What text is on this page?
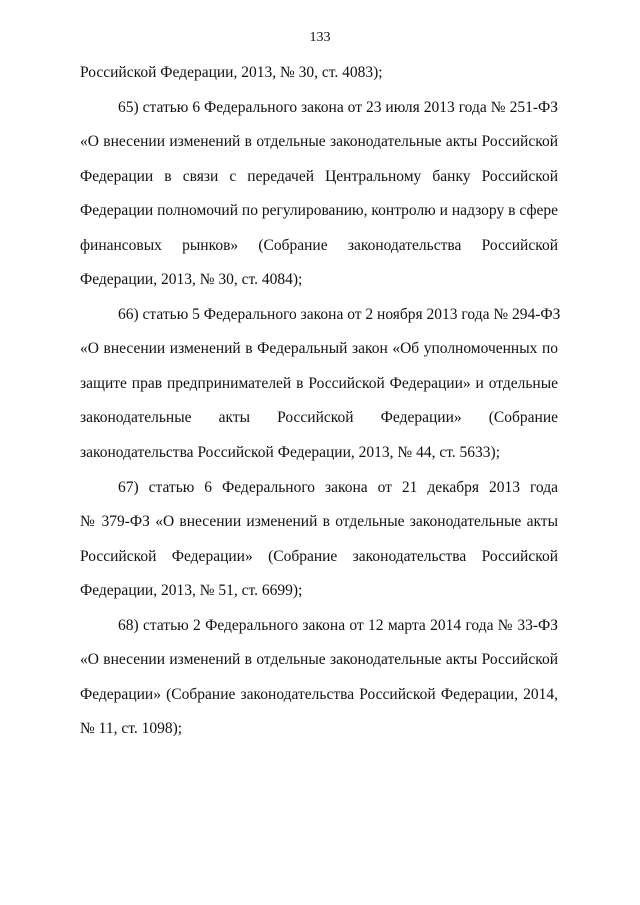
133
Российской Федерации, 2013, № 30, ст. 4083);
65) статью 6 Федерального закона от 23 июля 2013 года № 251-ФЗ
«О внесении изменений в отдельные законодательные акты Российской
Федерации в связи с передачей Центральному банку Российской
Федерации полномочий по регулированию, контролю и надзору в сфере
финансовых рынков» (Собрание законодательства Российской
Федерации, 2013, № 30, ст. 4084);
66) статью 5 Федерального закона от 2 ноября 2013 года № 294-ФЗ
«О внесении изменений в Федеральный закон «Об уполномоченных по
защите прав предпринимателей в Российской Федерации» и отдельные
законодательные акты Российской Федерации» (Собрание
законодательства Российской Федерации, 2013, № 44, ст. 5633);
67) статью 6 Федерального закона от 21 декабря 2013 года
№ 379-ФЗ «О внесении изменений в отдельные законодательные акты
Российской Федерации» (Собрание законодательства Российской
Федерации, 2013, № 51, ст. 6699);
68) статью 2 Федерального закона от 12 марта 2014 года № 33-ФЗ
«О внесении изменений в отдельные законодательные акты Российской
Федерации» (Собрание законодательства Российской Федерации, 2014,
№ 11, ст. 1098);
